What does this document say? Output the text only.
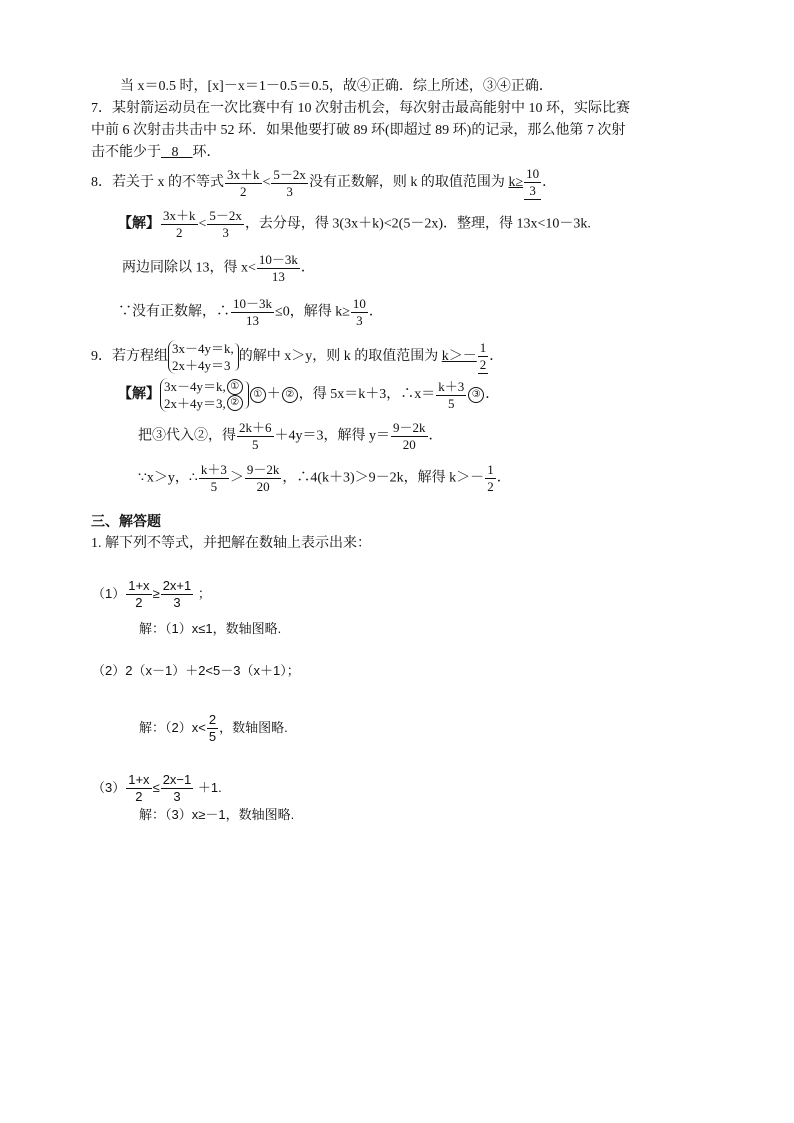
当 x＝0.5 时，[x]－x＝1－0.5＝0.5，故④正确．综上所述，③④正确．
7．某射箭运动员在一次比赛中有 10 次射击机会，每次射击最高能射中 10 环，实际比赛
中前 6 次射击共击中 52 环．如果他要打破 89 环(即超过 89 环)的记录，那么他第 7 次射
击不能少于 8 环．
8．若关于 x 的不等式 $\frac{3x+k}{2} < \frac{5-2x}{3}$ 没有正数解，则 k 的取值范围为 $k\ge \frac{10}{3}$ ．
【解】 $\frac{3x+k}{2} < \frac{5-2x}{3}$ ，去分母，得 3(3x＋k)<2(5－2x)．整理，得 13x<10－3k.
两边同除以 13，得 $x< \frac{10-3k}{13}$ ．
∵没有正数解，∴ $\frac{10-3k}{13} \le 0$，解得 $k\ge \frac{10}{3}$ ．
9．若方程组
3x－4y＝k,
2x＋4y＝3
的解中 x＞y，则 k 的取值范围为 $k>- \frac{1}{2}$ ．
【解】
3x－4y＝k,
2x＋4y＝3,
①
②
① ＋ ② ，得 5x＝k＋3，∴x＝ $\frac{k+3}{5}$ ③ ．
把③代入②，得 $\frac{2k+6}{5} +4y=3$，解得 $y= \frac{9-2k}{20}$ ．
∵x＞y，∴ $\frac{k+3}{5} > \frac{9-2k}{20}$ ，∴4(k＋3)＞9－2k，解得 $k>- \frac{1}{2}$ ．
三、解答题
1. 解下列不等式，并把解在数轴上表示出来：
$(1) \frac{1+x}{2} \ge \frac{2x+1}{3}$ ；
解：（1）x≤1，数轴图略.
（2）2（x－1）＋2<5－3（x＋1）；
解：$(2)x< \frac{2}{5}$ ，数轴图略.
$(3) \frac{1+x}{2} \le \frac{2x-1}{3} +1$.
解：（3）x≥－1，数轴图略.
